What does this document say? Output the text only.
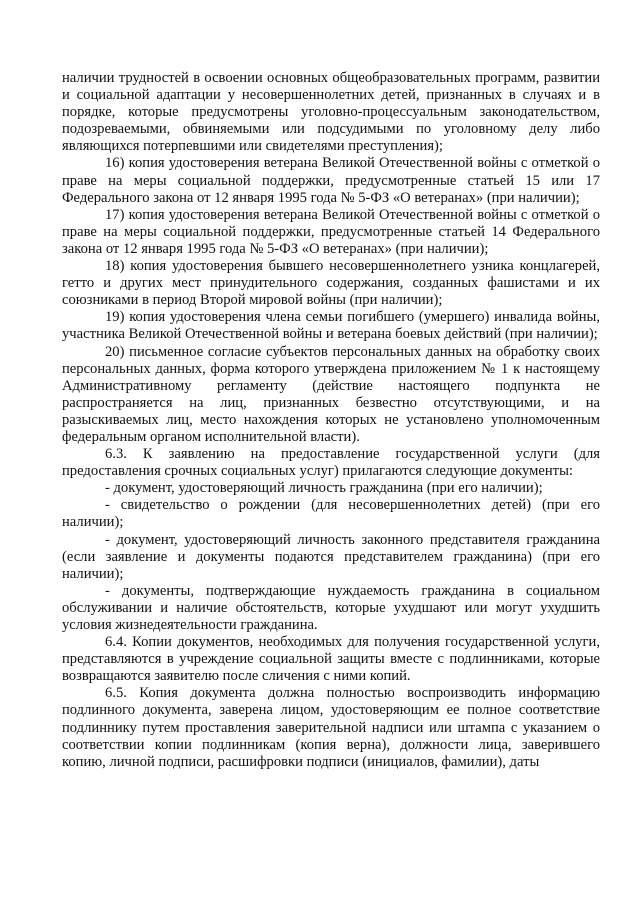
наличии трудностей в освоении основных общеобразовательных программ, развитии и социальной адаптации у несовершеннолетних детей, признанных в случаях и в порядке, которые предусмотрены уголовно-процессуальным законодательством, подозреваемыми, обвиняемыми или подсудимыми по уголовному делу либо являющихся потерпевшими или свидетелями преступления);

16) копия удостоверения ветерана Великой Отечественной войны с отметкой о праве на меры социальной поддержки, предусмотренные статьей 15 или 17 Федерального закона от 12 января 1995 года № 5-ФЗ «О ветеранах» (при наличии);

17) копия удостоверения ветерана Великой Отечественной войны с отметкой о праве на меры социальной поддержки, предусмотренные статьей 14 Федерального закона от 12 января 1995 года № 5-ФЗ «О ветеранах» (при наличии);

18) копия удостоверения бывшего несовершеннолетнего узника концлагерей, гетто и других мест принудительного содержания, созданных фашистами и их союзниками в период Второй мировой войны (при наличии);

19) копия удостоверения члена семьи погибшего (умершего) инвалида войны, участника Великой Отечественной войны и ветерана боевых действий (при наличии);

20) письменное согласие субъектов персональных данных на обработку своих персональных данных, форма которого утверждена приложением № 1 к настоящему Административному регламенту (действие настоящего подпункта не распространяется на лиц, признанных безвестно отсутствующими, и на разыскиваемых лиц, место нахождения которых не установлено уполномоченным федеральным органом исполнительной власти).

6.3. К заявлению на предоставление государственной услуги (для предоставления срочных социальных услуг) прилагаются следующие документы:

- документ, удостоверяющий личность гражданина (при его наличии);

- свидетельство о рождении (для несовершеннолетних детей) (при его наличии);

- документ, удостоверяющий личность законного представителя гражданина (если заявление и документы подаются представителем гражданина) (при его наличии);

- документы, подтверждающие нуждаемость гражданина в социальном обслуживании и наличие обстоятельств, которые ухудшают или могут ухудшить условия жизнедеятельности гражданина.

6.4. Копии документов, необходимых для получения государственной услуги, представляются в учреждение социальной защиты вместе с подлинниками, которые возвращаются заявителю после сличения с ними копий.

6.5. Копия документа должна полностью воспроизводить информацию подлинного документа, заверена лицом, удостоверяющим ее полное соответствие подлиннику путем проставления заверительной надписи или штампа с указанием о соответствии копии подлинникам (копия верна), должности лица, заверившего копию, личной подписи, расшифровки подписи (инициалов, фамилии), даты
